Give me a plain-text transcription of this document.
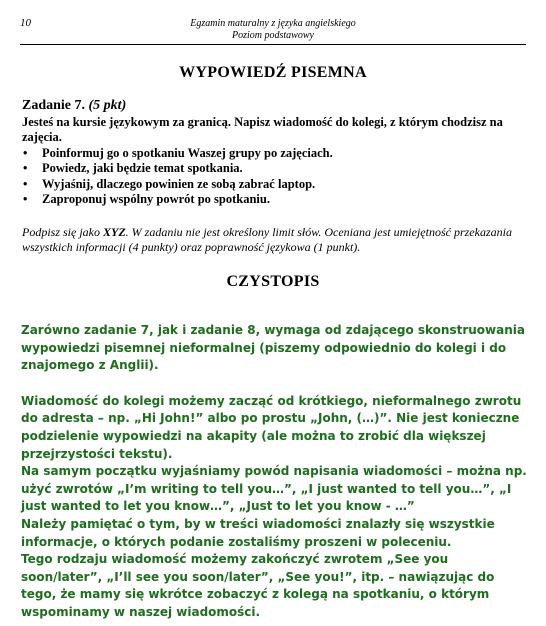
10	Egzamin maturalny z języka angielskiego
Poziom podstawowy
WYPOWIEDŹ PISEMNA
Zadanie 7. (5 pkt)
Jesteś na kursie językowym za granicą. Napisz wiadomość do kolegi, z którym chodzisz na zajęcia.
• Poinformuj go o spotkaniu Waszej grupy po zajęciach.
• Powiedz, jaki będzie temat spotkania.
• Wyjaśnij, dlaczego powinien ze sobą zabrać laptop.
• Zaproponuj wspólny powrót po spotkaniu.
Podpisz się jako XYZ. W zadaniu nie jest określony limit słów. Oceniana jest umiejętność przekazania wszystkich informacji (4 punkty) oraz poprawność językowa (1 punkt).
CZYSTOPIS

Zarówno zadanie 7, jak i zadanie 8, wymaga od zdającego skonstruowania wypowiedzi pisemnej nieformalnej (piszemy odpowiednio do kolegi i do znajomego z Anglii).

Wiadomość do kolegi możemy zacząć od krótkiego, nieformalnego zwrotu do adresta – np. „Hi John!” albo po prostu „John, (…)”. Nie jest konieczne podzielenie wypowiedzi na akapity (ale można to zrobić dla większej przejrzystości tekstu).

Na samym początku wyjaśniamy powód napisania wiadomości – można np. użyć zwrotów „I’m writing to tell you…”, „I just wanted to tell you…”, „I just wanted to let you know…”, „Just to let you know - …”

Należy pamiętać o tym, by w treści wiadomości znalazły się wszystkie informacje, o których podanie zostaliśmy proszeni w poleceniu.

Tego rodzaju wiadomość możemy zakończyć zwrotem „See you soon/later”, „I’ll see you soon/later”, „See you!”, itp. – nawiązując do tego, że mamy się wkrótce zobaczyć z kolegą na spotkaniu, o którym wspominamy w naszej wiadomości.
